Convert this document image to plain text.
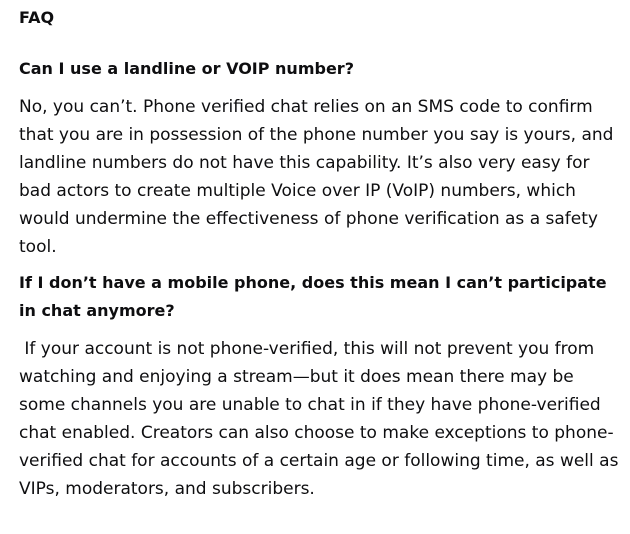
FAQ
Can I use a landline or VOIP number?
No, you can’t. Phone verified chat relies on an SMS code to confirm that you are in possession of the phone number you say is yours, and landline numbers do not have this capability. It’s also very easy for bad actors to create multiple Voice over IP (VoIP) numbers, which would undermine the effectiveness of phone verification as a safety tool.
If I don’t have a mobile phone, does this mean I can’t participate in chat anymore?
If your account is not phone-verified, this will not prevent you from watching and enjoying a stream—but it does mean there may be some channels you are unable to chat in if they have phone-verified chat enabled. Creators can also choose to make exceptions to phone-verified chat for accounts of a certain age or following time, as well as VIPs, moderators, and subscribers.
